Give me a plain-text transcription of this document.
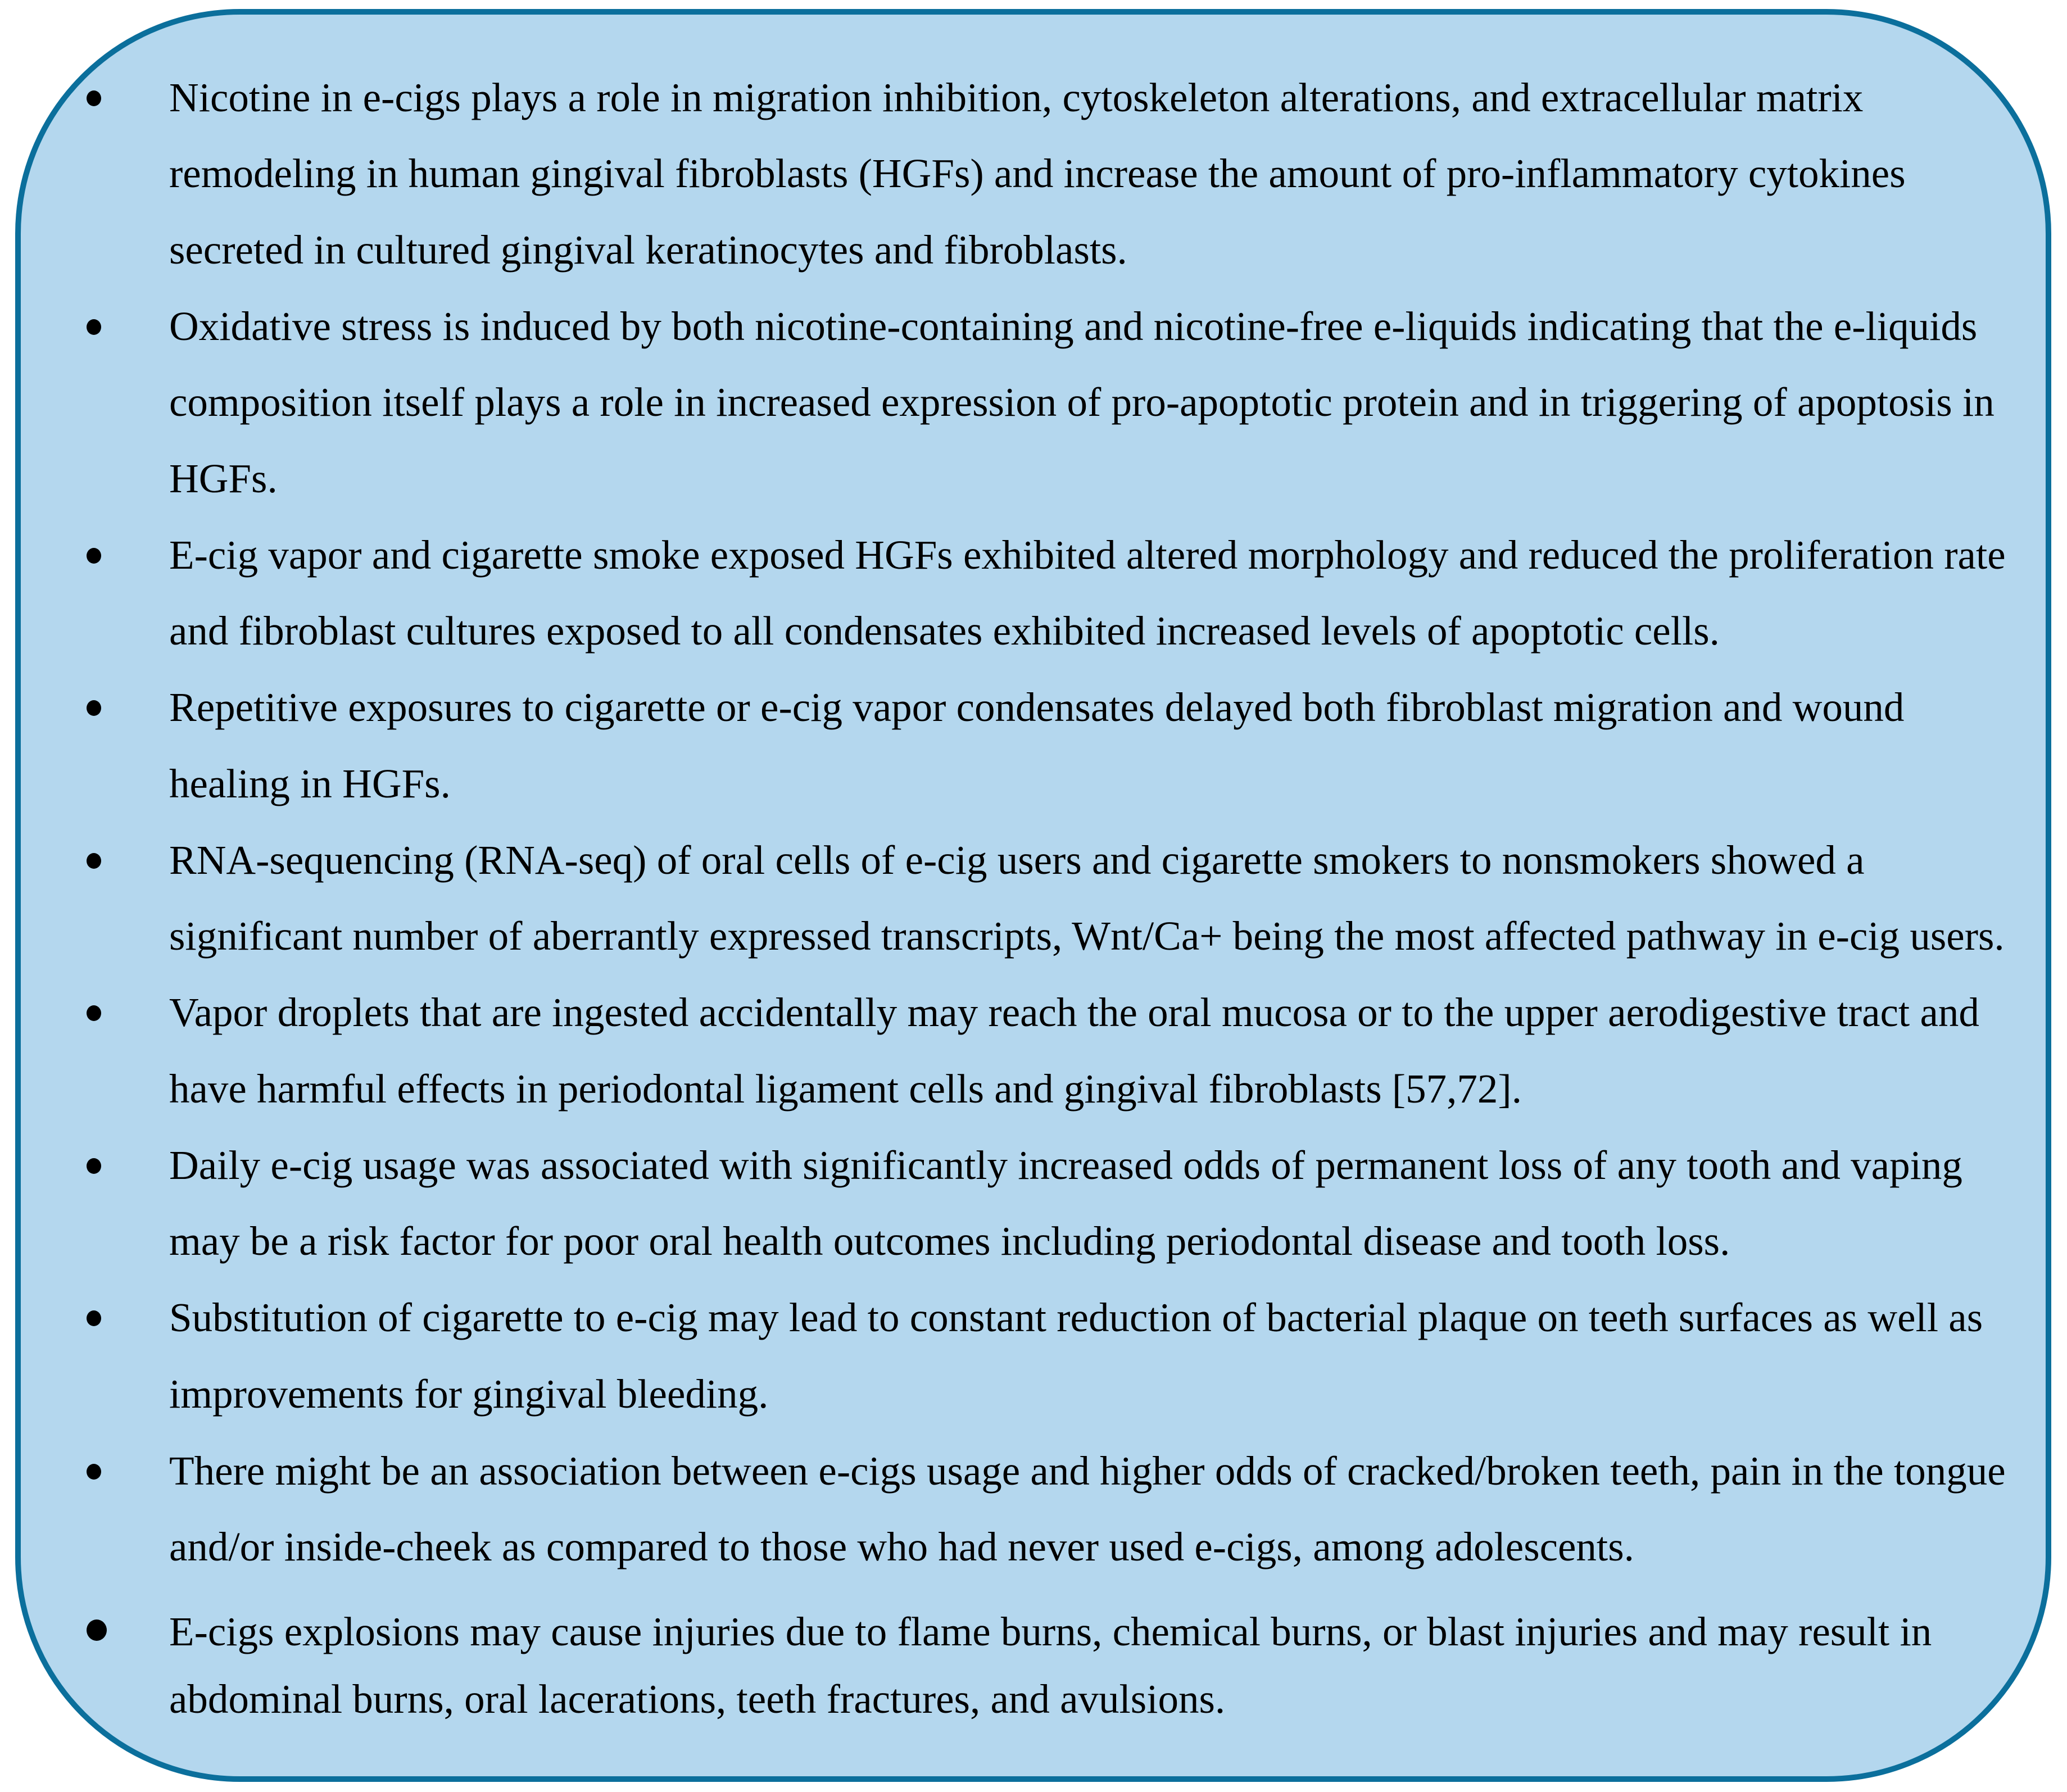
Nicotine in e-cigs plays a role in migration inhibition, cytoskeleton alterations, and extracellular matrix
remodeling in human gingival fibroblasts (HGFs) and increase the amount of pro-inflammatory cytokines
secreted in cultured gingival keratinocytes and fibroblasts.
Oxidative stress is induced by both nicotine-containing and nicotine-free e-liquids indicating that the e-liquids
composition itself plays a role in increased expression of pro-apoptotic protein and in triggering of apoptosis in
HGFs.
E-cig vapor and cigarette smoke exposed HGFs exhibited altered morphology and reduced the proliferation rate
and fibroblast cultures exposed to all condensates exhibited increased levels of apoptotic cells.
Repetitive exposures to cigarette or e-cig vapor condensates delayed both fibroblast migration and wound
healing in HGFs.
RNA-sequencing (RNA-seq) of oral cells of e-cig users and cigarette smokers to nonsmokers showed a
significant number of aberrantly expressed transcripts, Wnt/Ca+ being the most affected pathway in e-cig users.
Vapor droplets that are ingested accidentally may reach the oral mucosa or to the upper aerodigestive tract and
have harmful effects in periodontal ligament cells and gingival fibroblasts [57,72].
Daily e-cig usage was associated with significantly increased odds of permanent loss of any tooth and vaping
may be a risk factor for poor oral health outcomes including periodontal disease and tooth loss.
Substitution of cigarette to e-cig may lead to constant reduction of bacterial plaque on teeth surfaces as well as
improvements for gingival bleeding.
There might be an association between e-cigs usage and higher odds of cracked/broken teeth, pain in the tongue
and/or inside-cheek as compared to those who had never used e-cigs, among adolescents.
E-cigs explosions may cause injuries due to flame burns, chemical burns, or blast injuries and may result in
abdominal burns, oral lacerations, teeth fractures, and avulsions.
